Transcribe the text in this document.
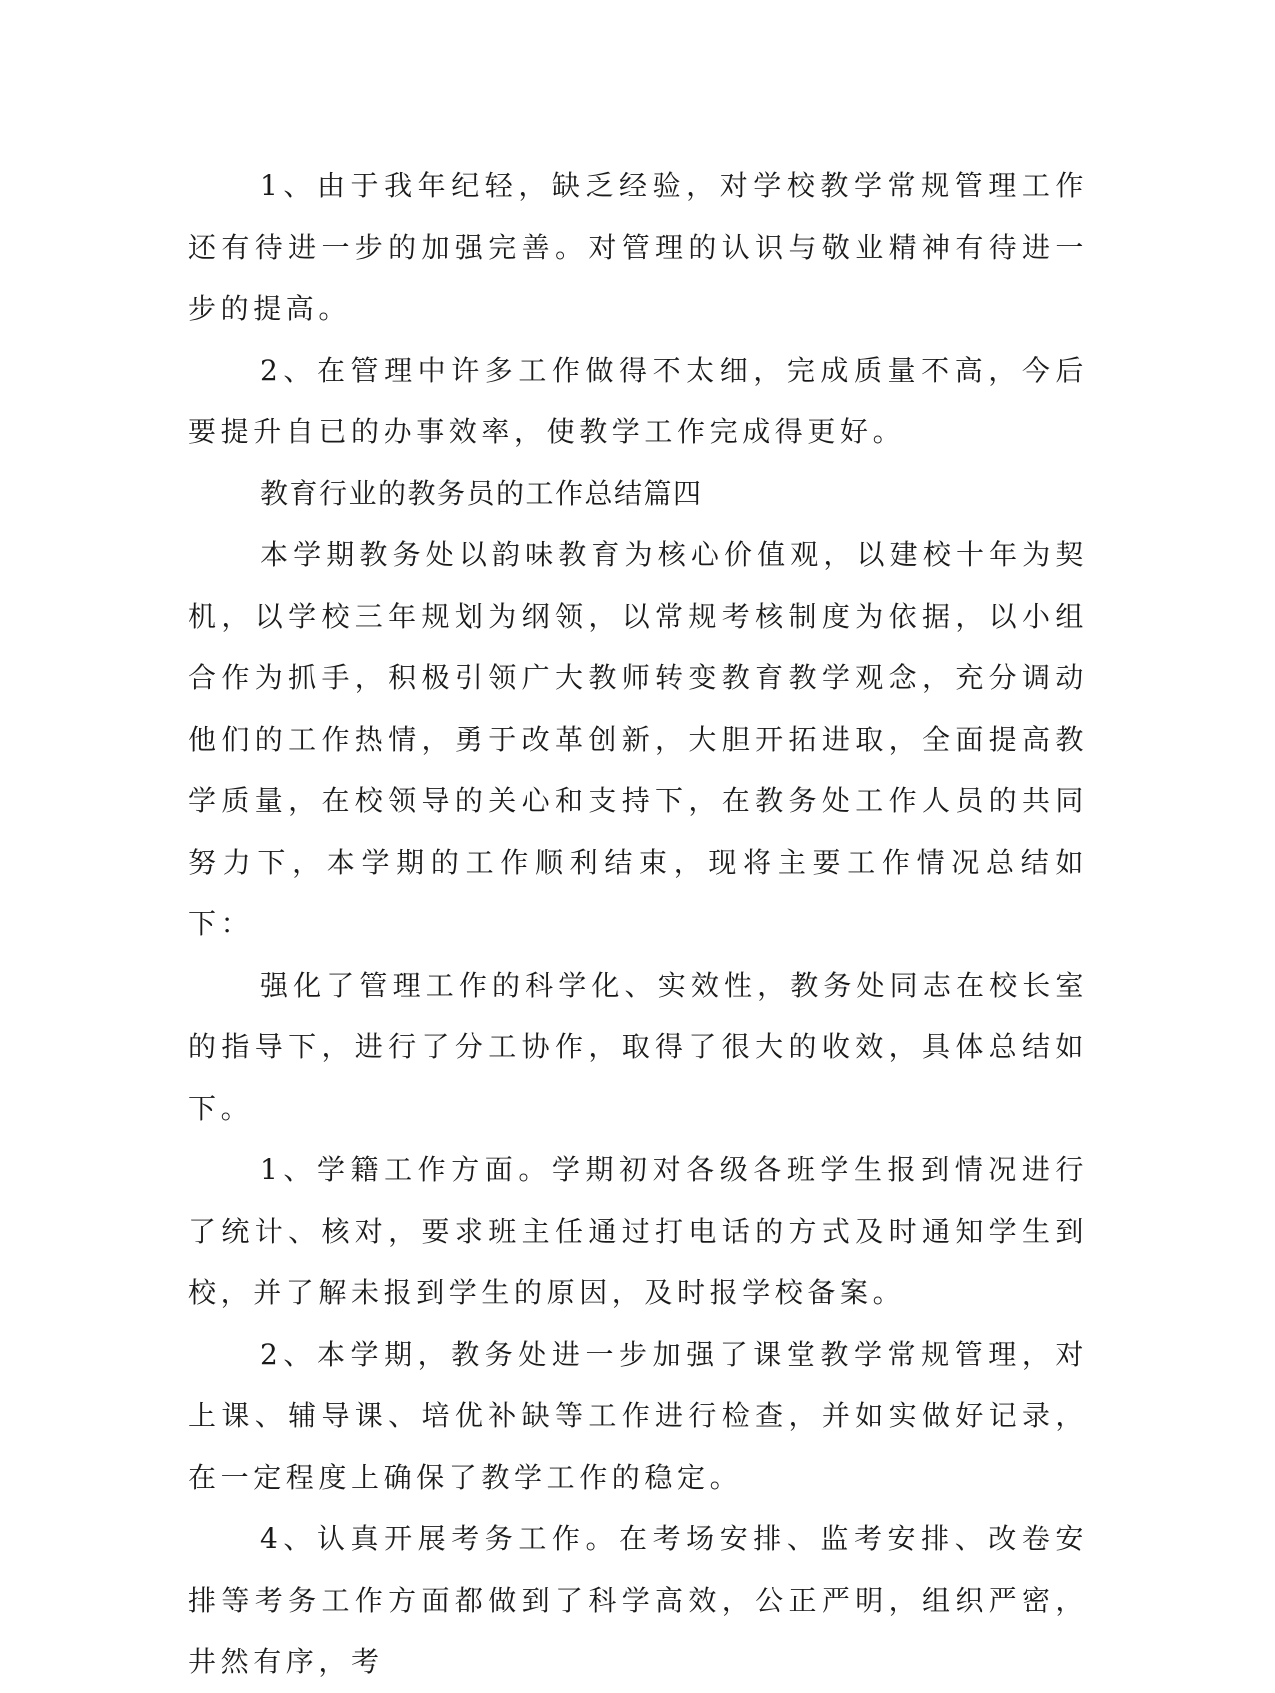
1、由于我年纪轻，缺乏经验，对学校教学常规管理工作还有待进一步的加强完善。对管理的认识与敬业精神有待进一步的提高。

2、在管理中许多工作做得不太细，完成质量不高，今后要提升自已的办事效率，使教学工作完成得更好。

教育行业的教务员的工作总结篇四

本学期教务处以韵味教育为核心价值观，以建校十年为契机，以学校三年规划为纲领，以常规考核制度为依据，以小组合作为抓手，积极引领广大教师转变教育教学观念，充分调动他们的工作热情，勇于改革创新，大胆开拓进取，全面提高教学质量，在校领导的关心和支持下，在教务处工作人员的共同努力下，本学期的工作顺利结束，现将主要工作情况总结如下：

强化了管理工作的科学化、实效性，教务处同志在校长室的指导下，进行了分工协作，取得了很大的收效，具体总结如下。

1、学籍工作方面。学期初对各级各班学生报到情况进行了统计、核对，要求班主任通过打电话的方式及时通知学生到校，并了解未报到学生的原因，及时报学校备案。

2、本学期，教务处进一步加强了课堂教学常规管理，对上课、辅导课、培优补缺等工作进行检查，并如实做好记录，在一定程度上确保了教学工作的稳定。

4、认真开展考务工作。在考场安排、监考安排、改卷安排等考务工作方面都做到了科学高效，公正严明，组织严密，井然有序，考
